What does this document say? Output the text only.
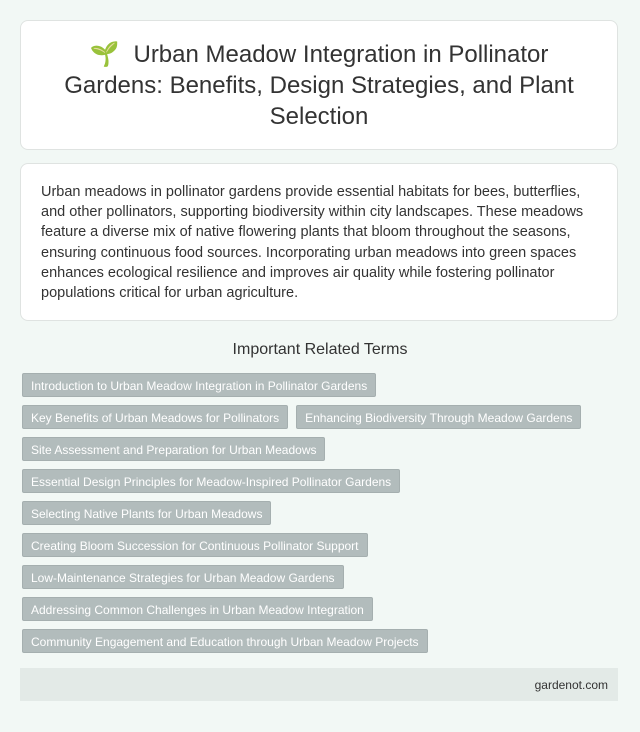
🌱 Urban Meadow Integration in Pollinator Gardens: Benefits, Design Strategies, and Plant Selection

Urban meadows in pollinator gardens provide essential habitats for bees, butterflies, and other pollinators, supporting biodiversity within city landscapes. These meadows feature a diverse mix of native flowering plants that bloom throughout the seasons, ensuring continuous food sources. Incorporating urban meadows into green spaces enhances ecological resilience and improves air quality while fostering pollinator populations critical for urban agriculture.

Important Related Terms
Introduction to Urban Meadow Integration in Pollinator Gardens
Key Benefits of Urban Meadows for Pollinators	Enhancing Biodiversity Through Meadow Gardens
Site Assessment and Preparation for Urban Meadows
Essential Design Principles for Meadow-Inspired Pollinator Gardens
Selecting Native Plants for Urban Meadows
Creating Bloom Succession for Continuous Pollinator Support
Low-Maintenance Strategies for Urban Meadow Gardens
Addressing Common Challenges in Urban Meadow Integration
Community Engagement and Education through Urban Meadow Projects
gardenot.com
